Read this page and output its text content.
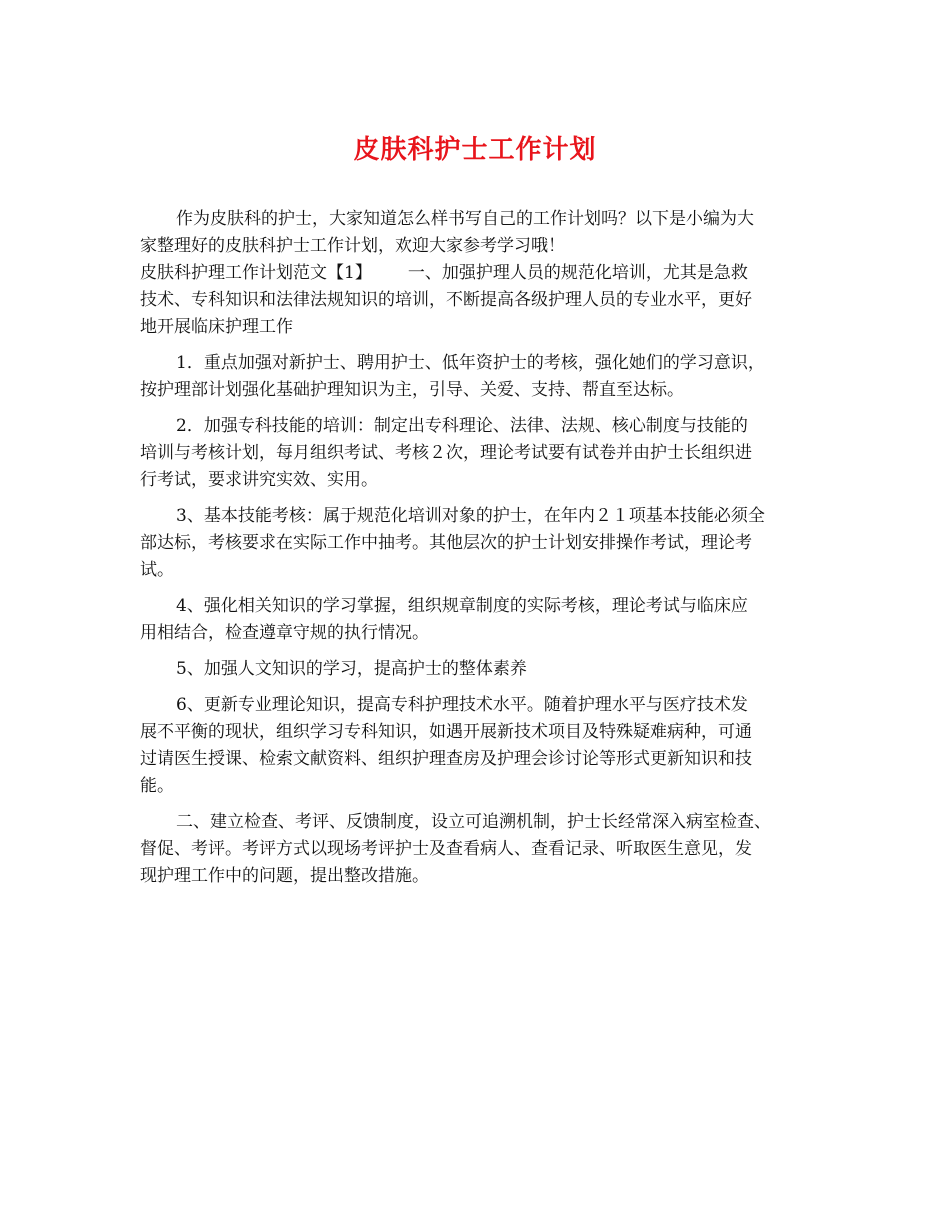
皮肤科护士工作计划
作为皮肤科的护士，大家知道怎么样书写自己的工作计划吗？以下是小编为大
家整理好的皮肤科护士工作计划，欢迎大家参考学习哦！
皮肤科护理工作计划范文【1】 一、加强护理人员的规范化培训，尤其是急救
技术、专科知识和法律法规知识的培训，不断提高各级护理人员的专业水平，更好
地开展临床护理工作
1．重点加强对新护士、聘用护士、低年资护士的考核，强化她们的学习意识，
按护理部计划强化基础护理知识为主，引导、关爱、支持、帮直至达标。
2．加强专科技能的培训：制定出专科理论、法律、法规、核心制度与技能的
培训与考核计划，每月组织考试、考核２次，理论考试要有试卷并由护士长组织进
行考试，要求讲究实效、实用。
3、基本技能考核：属于规范化培训对象的护士，在年内２１项基本技能必须全
部达标，考核要求在实际工作中抽考。其他层次的护士计划安排操作考试，理论考
试。
4、强化相关知识的学习掌握，组织规章制度的实际考核，理论考试与临床应
用相结合，检查遵章守规的执行情况。
5、加强人文知识的学习，提高护士的整体素养
6、更新专业理论知识，提高专科护理技术水平。随着护理水平与医疗技术发
展不平衡的现状，组织学习专科知识，如遇开展新技术项目及特殊疑难病种，可通
过请医生授课、检索文献资料、组织护理查房及护理会诊讨论等形式更新知识和技
能。
二、建立检查、考评、反馈制度，设立可追溯机制，护士长经常深入病室检查、
督促、考评。考评方式以现场考评护士及查看病人、查看记录、听取医生意见，发
现护理工作中的问题，提出整改措施。
